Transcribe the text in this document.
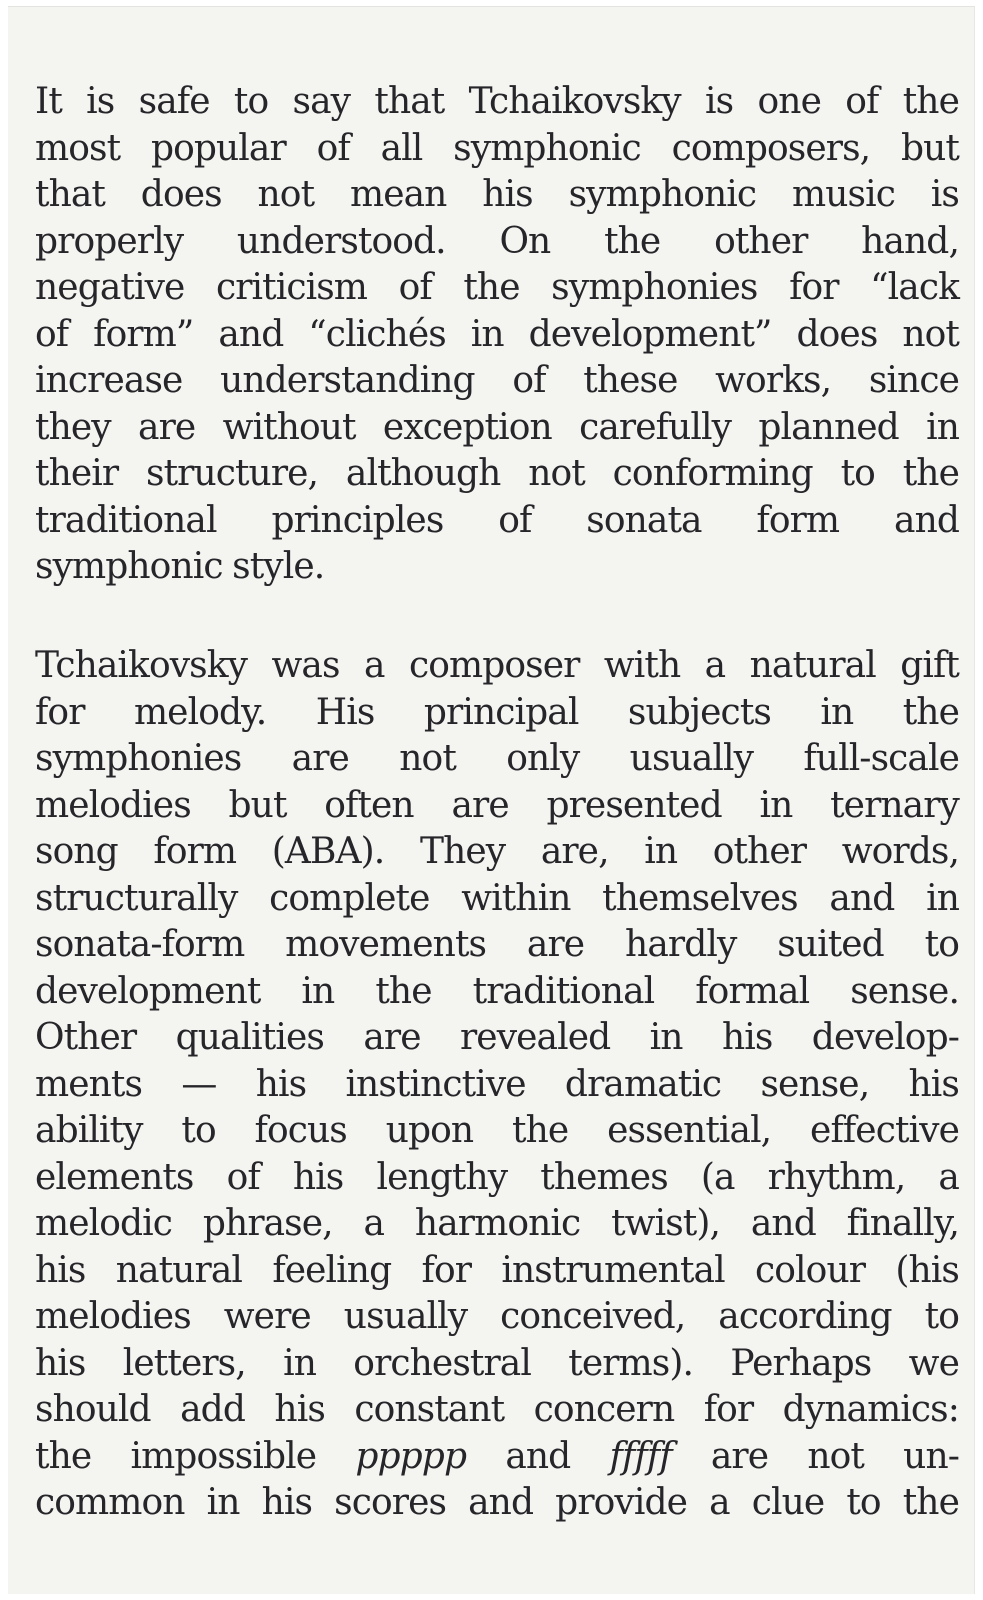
It is safe to say that Tchaikovsky is one of the
most popular of all symphonic composers, but
that does not mean his symphonic music is
properly understood. On the other hand,
negative criticism of the symphonies for “lack
of form” and “clichés in development” does not
increase understanding of these works, since
they are without exception carefully planned in
their structure, although not conforming to the
traditional principles of sonata form and
symphonic style.
Tchaikovsky was a composer with a natural gift
for melody. His principal subjects in the
symphonies are not only usually full-scale
melodies but often are presented in ternary
song form (ABA). They are, in other words,
structurally complete within themselves and in
sonata-form movements are hardly suited to
development in the traditional formal sense.
Other qualities are revealed in his develop-
ments — his instinctive dramatic sense, his
ability to focus upon the essential, effective
elements of his lengthy themes (a rhythm, a
melodic phrase, a harmonic twist), and finally,
his natural feeling for instrumental colour (his
melodies were usually conceived, according to
his letters, in orchestral terms). Perhaps we
should add his constant concern for dynamics:
the impossible ppppp and fffff are not un-
common in his scores and provide a clue to the
